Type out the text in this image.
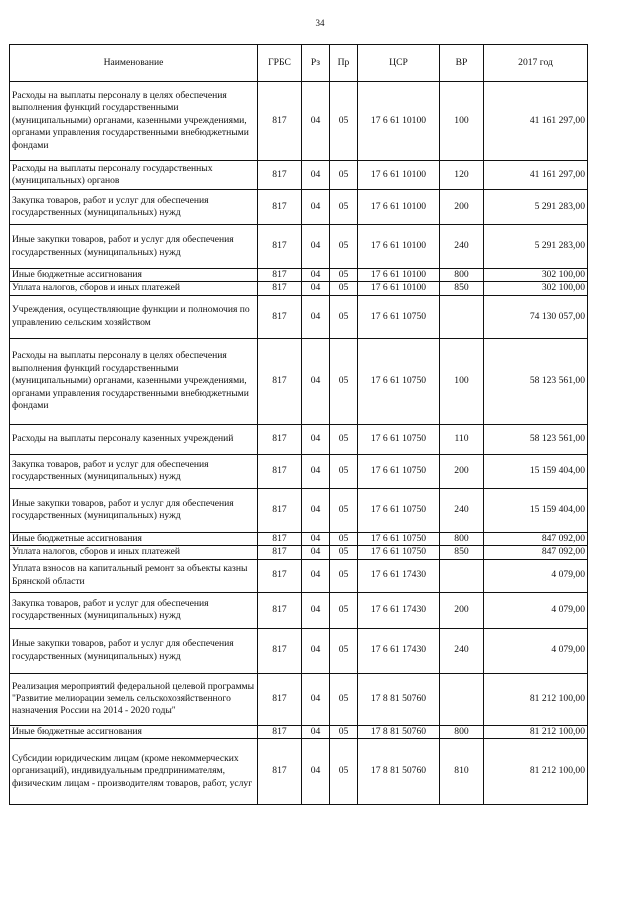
34
Наименование	ГРБС	Рз	Пр	ЦСР	ВР	2017 год
Расходы на выплаты персоналу в целях обеспечения выполнения функций государственными (муниципальными) органами, казенными учреждениями, органами управления государственными внебюджетными фондами	817	04	05	17 6 61 10100	100	41 161 297,00
Расходы на выплаты персоналу государственных (муниципальных) органов	817	04	05	17 6 61 10100	120	41 161 297,00
Закупка товаров, работ и услуг для обеспечения государственных (муниципальных) нужд	817	04	05	17 6 61 10100	200	5 291 283,00
Иные закупки товаров, работ и услуг для обеспечения государственных (муниципальных) нужд	817	04	05	17 6 61 10100	240	5 291 283,00
Иные бюджетные ассигнования	817	04	05	17 6 61 10100	800	302 100,00
Уплата налогов, сборов и иных платежей	817	04	05	17 6 61 10100	850	302 100,00
Учреждения, осуществляющие функции и полномочия по управлению сельским хозяйством	817	04	05	17 6 61 10750		74 130 057,00
Расходы на выплаты персоналу в целях обеспечения выполнения функций государственными (муниципальными) органами, казенными учреждениями, органами управления государственными внебюджетными фондами	817	04	05	17 6 61 10750	100	58 123 561,00
Расходы на выплаты персоналу казенных учреждений	817	04	05	17 6 61 10750	110	58 123 561,00
Закупка товаров, работ и услуг для обеспечения государственных (муниципальных) нужд	817	04	05	17 6 61 10750	200	15 159 404,00
Иные закупки товаров, работ и услуг для обеспечения государственных (муниципальных) нужд	817	04	05	17 6 61 10750	240	15 159 404,00
Иные бюджетные ассигнования	817	04	05	17 6 61 10750	800	847 092,00
Уплата налогов, сборов и иных платежей	817	04	05	17 6 61 10750	850	847 092,00
Уплата взносов на капитальный ремонт за объекты казны Брянской области	817	04	05	17 6 61 17430		4 079,00
Закупка товаров, работ и услуг для обеспечения государственных (муниципальных) нужд	817	04	05	17 6 61 17430	200	4 079,00
Иные закупки товаров, работ и услуг для обеспечения государственных (муниципальных) нужд	817	04	05	17 6 61 17430	240	4 079,00
Реализация мероприятий федеральной целевой программы "Развитие мелиорации земель сельскохозяйственного назначения России на 2014 - 2020 годы"	817	04	05	17 8 81 50760		81 212 100,00
Иные бюджетные ассигнования	817	04	05	17 8 81 50760	800	81 212 100,00
Субсидии юридическим лицам (кроме некоммерческих организаций), индивидуальным предпринимателям, физическим лицам - производителям товаров, работ, услуг	817	04	05	17 8 81 50760	810	81 212 100,00
